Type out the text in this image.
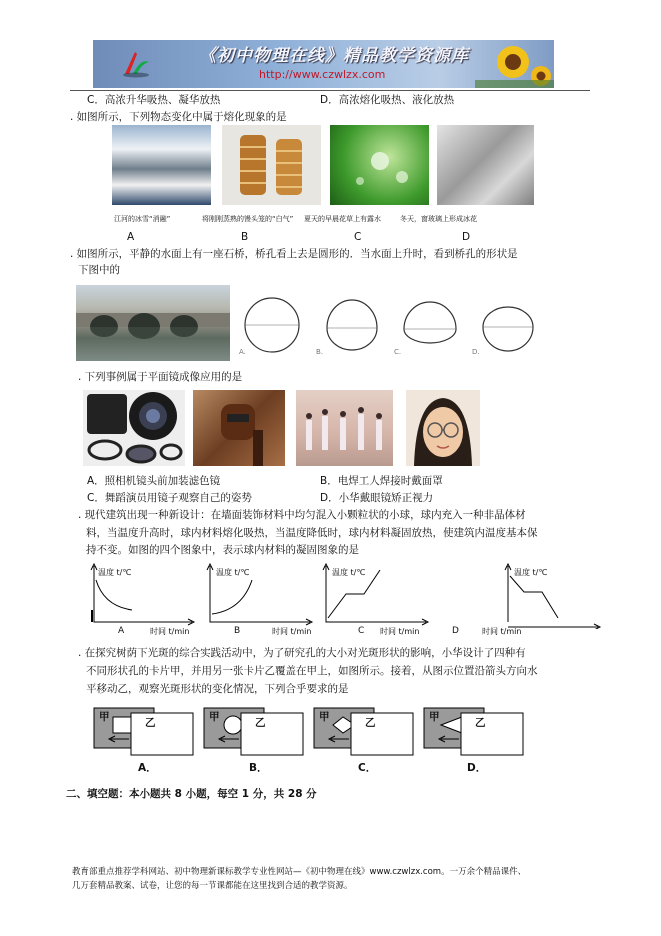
《初中物理在线》精品教学资源库
http://www.czwlzx.com
C．高浓升华吸热、凝华放热	D．高浓熔化吸热、液化放热
. 如图所示，下列物态变化中属于熔化现象的是
江河的冰雪“消融”	将刚刚蒸熟的馒头笼的“白气” 夏天的早晨花草上有露水	冬天，窗玻璃上形成冰花
A	B	C	D
. 如图所示，平静的水面上有一座石桥，桥孔看上去是圆形的．当水面上升时，看到桥孔的形状是
下图中的
A.	B.	C.	D.
. 下列事例属于平面镜成像应用的是
A．照相机镜头前加装滤色镜	B．电焊工人焊接时戴面罩
C．舞蹈演员用镜子观察自己的姿势	D．小华戴眼镜矫正视力
. 现代建筑出现一种新设计：在墙面装饰材料中均匀混入小颗粒状的小球，球内充入一种非晶体材
料，当温度升高时，球内材料熔化吸热，当温度降低时，球内材料凝固放热，使建筑内温度基本保
持不变。如图的四个图象中，表示球内材料的凝固图象的是
温度 t/℃
A	时间 t/min
温度 t/℃
B	时间 t/min
温度 t/℃
C 时间 t/min
温度 t/℃
D	时间 t/min
. 在探究树荫下光斑的综合实践活动中，为了研究孔的大小对光斑形状的影响，小华设计了四种有
不同形状孔的卡片甲，并用另一张卡片乙覆盖在甲上，如图所示。接着，从图示位置沿箭头方向水
平移动乙，观察光斑形状的变化情况，下列合乎要求的是
甲	乙	甲	乙	甲	乙	甲	乙
A．	B．	C．	D．
二、填空题：本小题共 8 小题，每空 1 分，共 28 分
教育部重点推荐学科网站、初中物理新课标教学专业性网站—《初中物理在线》www.czwlzx.com。一万余个精品课件、
几万套精品教案、试卷，让您的每一节课都能在这里找到合适的教学资源。
